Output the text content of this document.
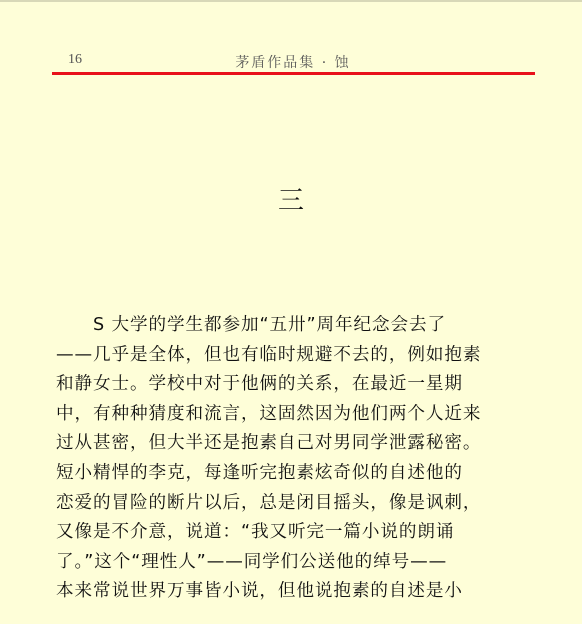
16	茅盾作品集 · 蚀
三
　　S 大学的学生都参加“五卅”周年纪念会去了
——几乎是全体，但也有临时规避不去的，例如抱素
和静女士。学校中对于他俩的关系，在最近一星期
中，有种种猜度和流言，这固然因为他们两个人近来
过从甚密，但大半还是抱素自己对男同学泄露秘密。
短小精悍的李克，每逢听完抱素炫奇似的自述他的
恋爱的冒险的断片以后，总是闭目摇头，像是讽刺，
又像是不介意，说道：“我又听完一篇小说的朗诵
了。”这个“理性人”——同学们公送他的绰号——
本来常说世界万事皆小说，但他说抱素的自述是小
